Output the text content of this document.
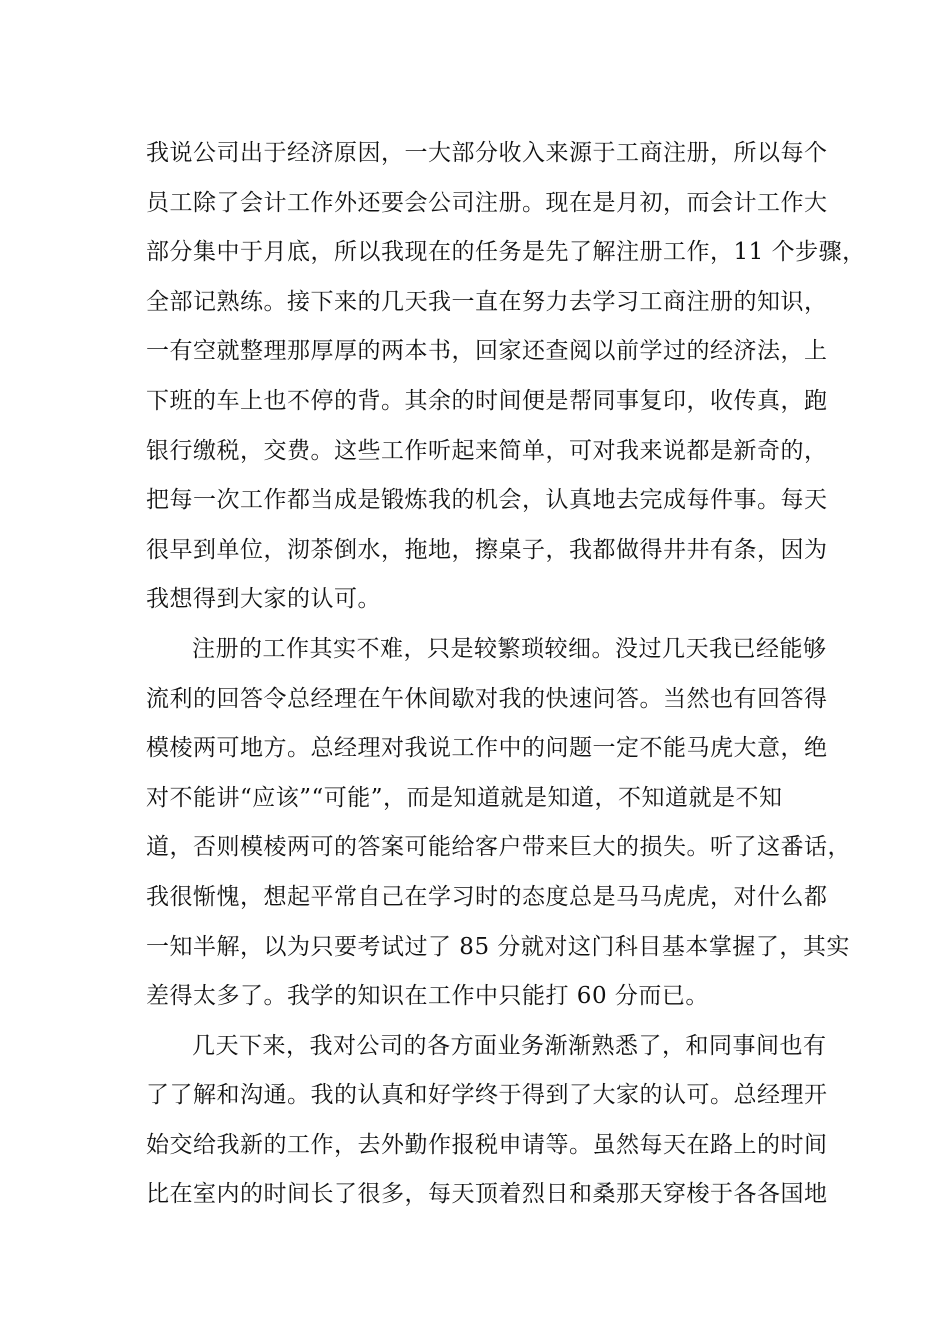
我说公司出于经济原因，一大部分收入来源于工商注册，所以每个
员工除了会计工作外还要会公司注册。现在是月初，而会计工作大
部分集中于月底，所以我现在的任务是先了解注册工作，11 个步骤，
全部记熟练。接下来的几天我一直在努力去学习工商注册的知识，
一有空就整理那厚厚的两本书，回家还查阅以前学过的经济法，上
下班的车上也不停的背。其余的时间便是帮同事复印，收传真，跑
银行缴税，交费。这些工作听起来简单，可对我来说都是新奇的，
把每一次工作都当成是锻炼我的机会，认真地去完成每件事。每天
很早到单位，沏茶倒水，拖地，擦桌子，我都做得井井有条，因为
我想得到大家的认可。
注册的工作其实不难，只是较繁琐较细。没过几天我已经能够
流利的回答令总经理在午休间歇对我的快速问答。当然也有回答得
模棱两可地方。总经理对我说工作中的问题一定不能马虎大意，绝
对不能讲“应该”“可能”，而是知道就是知道，不知道就是不知
道，否则模棱两可的答案可能给客户带来巨大的损失。听了这番话，
我很惭愧，想起平常自己在学习时的态度总是马马虎虎，对什么都
一知半解，以为只要考试过了 85 分就对这门科目基本掌握了，其实
差得太多了。我学的知识在工作中只能打 60 分而已。
几天下来，我对公司的各方面业务渐渐熟悉了，和同事间也有
了了解和沟通。我的认真和好学终于得到了大家的认可。总经理开
始交给我新的工作，去外勤作报税申请等。虽然每天在路上的时间
比在室内的时间长了很多，每天顶着烈日和桑那天穿梭于各各国地
